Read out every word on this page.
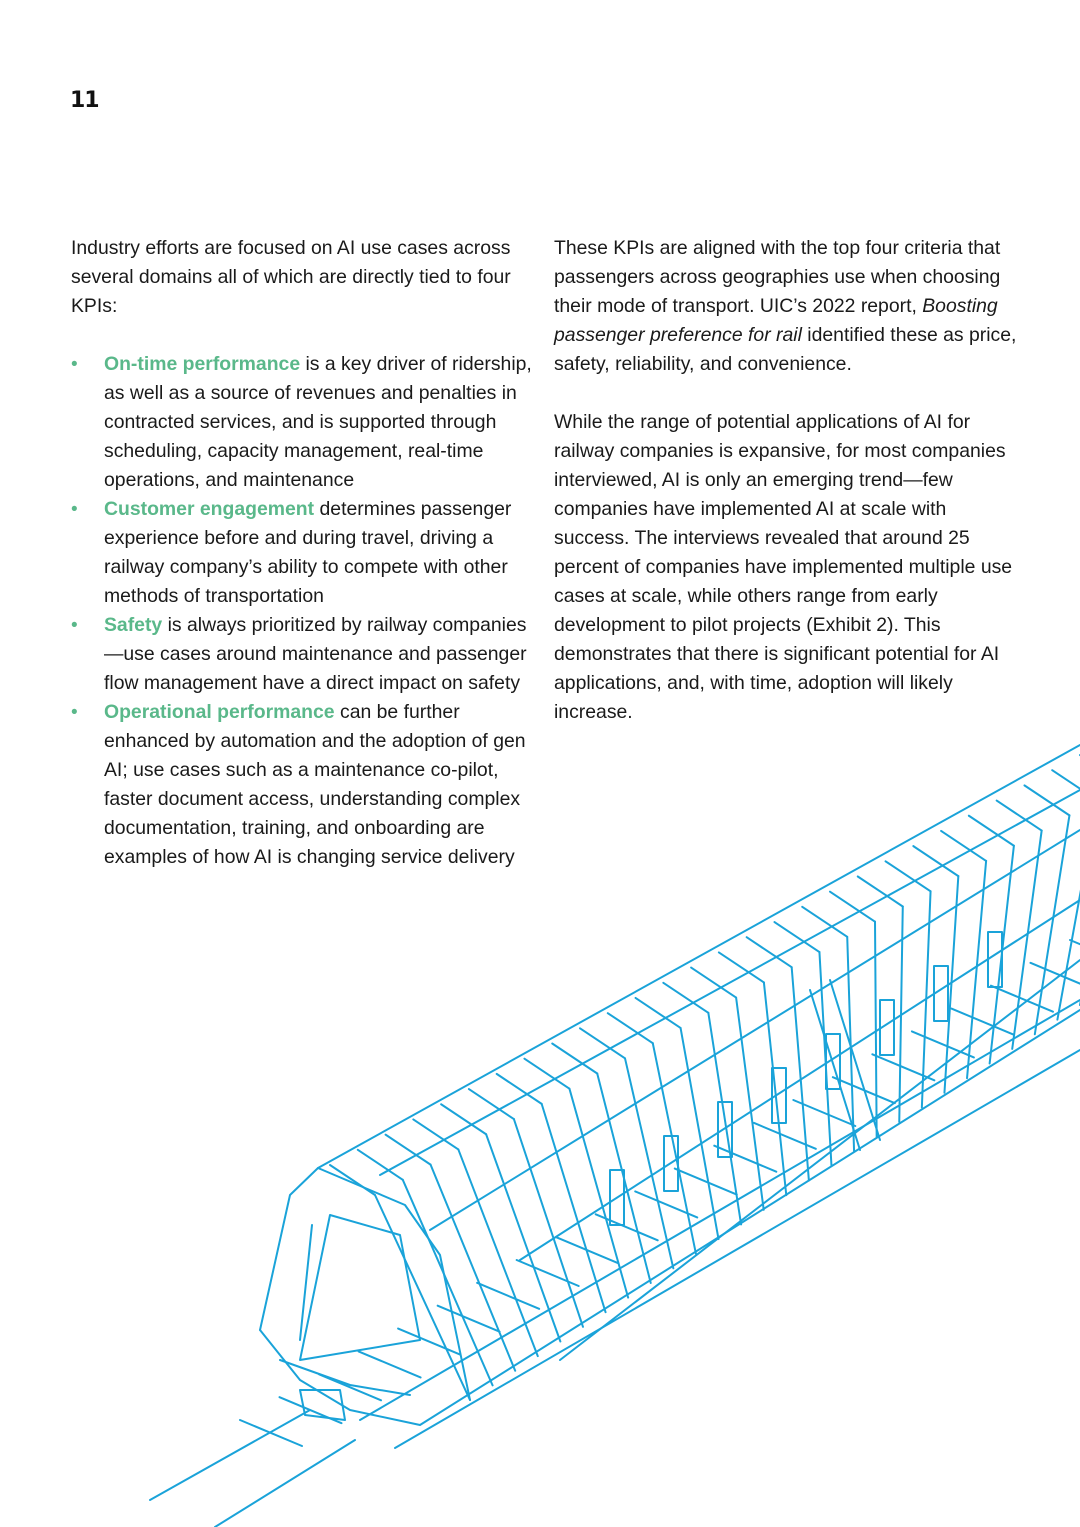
11

Industry efforts are focused on AI use cases across several domains all of which are directly tied to four KPIs:

• On-time performance is a key driver of ridership, as well as a source of revenues and penalties in contracted services, and is supported through scheduling, capacity management, real-time operations, and maintenance
• Customer engagement determines passenger experience before and during travel, driving a railway company’s ability to compete with other methods of transportation
• Safety is always prioritized by railway companies—use cases around maintenance and passenger flow management have a direct impact on safety
• Operational performance can be further enhanced by automation and the adoption of gen AI; use cases such as a maintenance co-pilot, faster document access, understanding complex documentation, training, and onboarding are examples of how AI is changing service delivery

These KPIs are aligned with the top four criteria that passengers across geographies use when choosing their mode of transport. UIC’s 2022 report, Boosting passenger preference for rail identified these as price, safety, reliability, and convenience.

While the range of potential applications of AI for railway companies is expansive, for most companies interviewed, AI is only an emerging trend—few companies have implemented AI at scale with success. The interviews revealed that around 25 percent of companies have implemented multiple use cases at scale, while others range from early development to pilot projects (Exhibit 2). This demonstrates that there is significant potential for AI applications, and, with time, adoption will likely increase.
